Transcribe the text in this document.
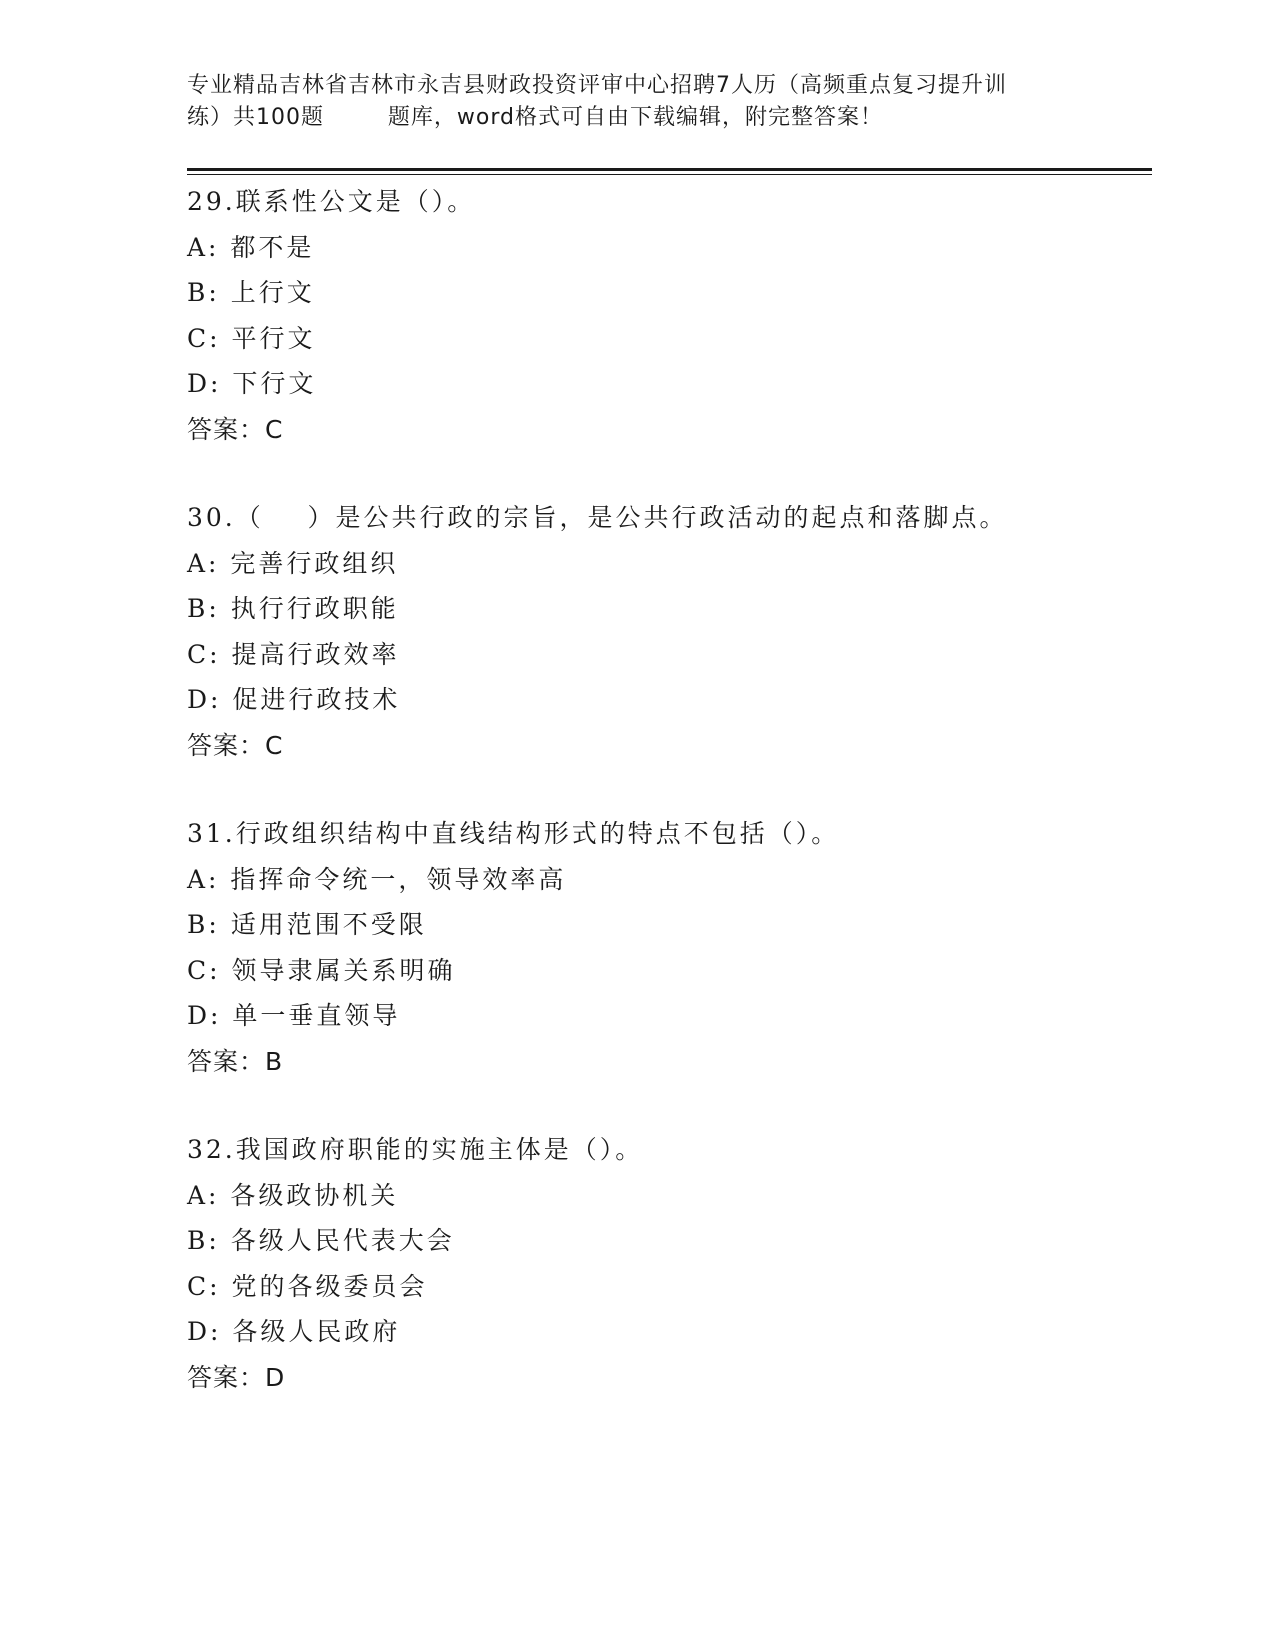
专业精品吉林省吉林市永吉县财政投资评审中心招聘7人历（高频重点复习提升训
练）共100题        题库，word格式可自由下载编辑，附完整答案！
29.联系性公文是（）。
A: 都不是
B: 上行文
C: 平行文
D: 下行文
答案：C
30.（    ）是公共行政的宗旨，是公共行政活动的起点和落脚点。
A: 完善行政组织
B: 执行行政职能
C: 提高行政效率
D: 促进行政技术
答案：C
31.行政组织结构中直线结构形式的特点不包括（）。
A: 指挥命令统一，领导效率高
B: 适用范围不受限
C: 领导隶属关系明确
D: 单一垂直领导
答案：B
32.我国政府职能的实施主体是（）。
A: 各级政协机关
B: 各级人民代表大会
C: 党的各级委员会
D: 各级人民政府
答案：D
